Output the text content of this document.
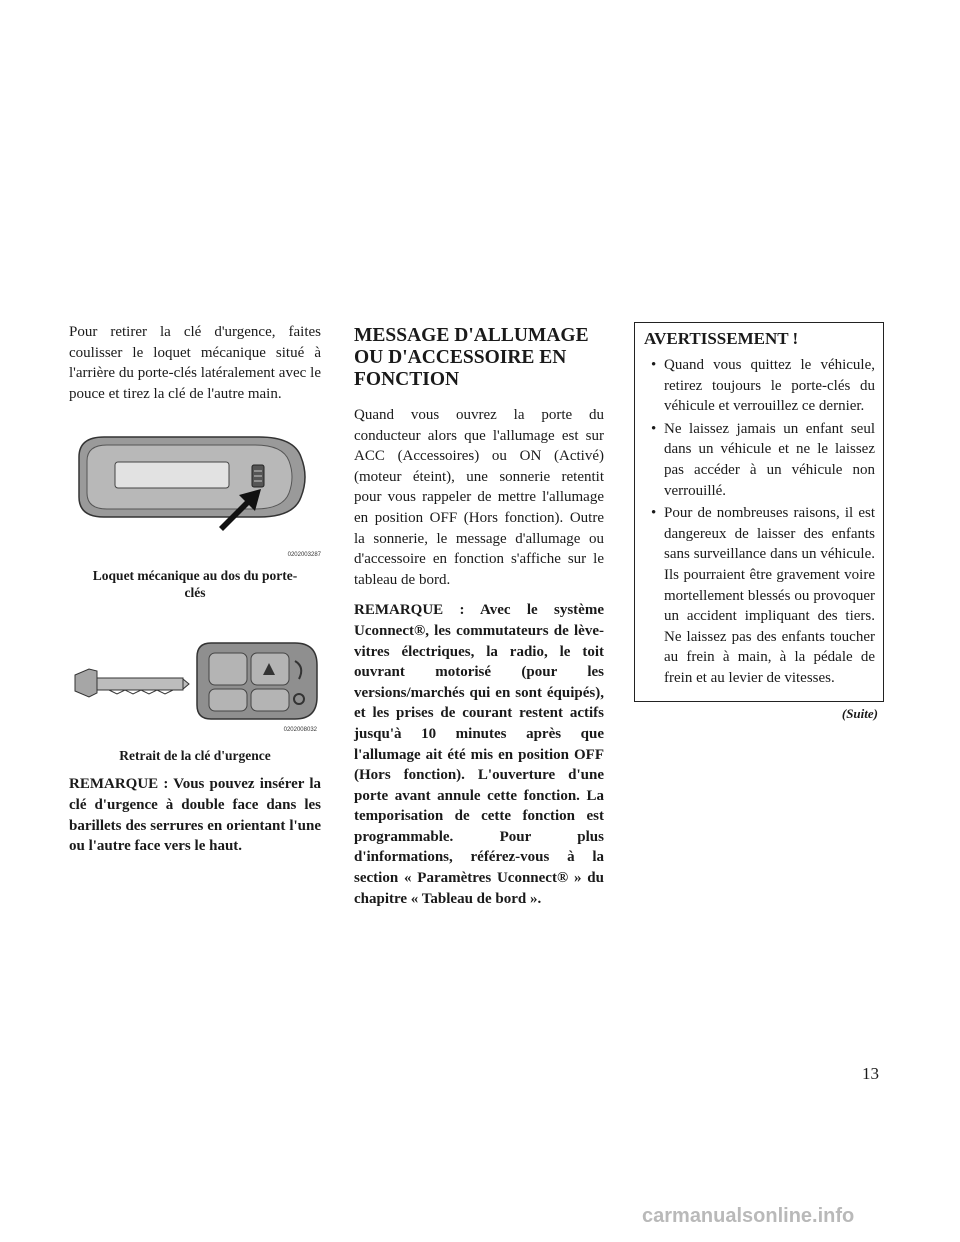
Pour retirer la clé d'urgence, faites coulisser le loquet mécanique situé à l'arrière du porte-clés latéralement avec le pouce et tirez la clé de l'autre main.

0202003287
Loquet mécanique au dos du porte-clés
0202008032
Retrait de la clé d'urgence

REMARQUE : Vous pouvez insérer la clé d'urgence à double face dans les barillets des serrures en orientant l'une ou l'autre face vers le haut.

MESSAGE D'ALLUMAGE OU D'ACCESSOIRE EN FONCTION

Quand vous ouvrez la porte du conducteur alors que l'allumage est sur ACC (Accessoires) ou ON (Activé) (moteur éteint), une sonnerie retentit pour vous rappeler de mettre l'allumage en position OFF (Hors fonction). Outre la sonnerie, le message d'allumage ou d'accessoire en fonction s'affiche sur le tableau de bord.

REMARQUE : Avec le système Uconnect®, les commutateurs de lève-vitres électriques, la radio, le toit ouvrant motorisé (pour les versions/marchés qui en sont équipés), et les prises de courant restent actifs jusqu'à 10 minutes après que l'allumage ait été mis en position OFF (Hors fonction). L'ouverture d'une porte avant annule cette fonction. La temporisation de cette fonction est programmable. Pour plus d'informations, référez-vous à la section « Paramètres Uconnect® » du chapitre « Tableau de bord ».

AVERTISSEMENT !
• Quand vous quittez le véhicule, retirez toujours le porte-clés du véhicule et verrouillez ce dernier.
• Ne laissez jamais un enfant seul dans un véhicule et ne le laissez pas accéder à un véhicule non verrouillé.
• Pour de nombreuses raisons, il est dangereux de laisser des enfants sans surveillance dans un véhicule. Ils pourraient être gravement voire mortellement blessés ou provoquer un accident impliquant des tiers. Ne laissez pas des enfants toucher au frein à main, à la pédale de frein et au levier de vitesses.
(Suite)
13
carmanualsonline.info
